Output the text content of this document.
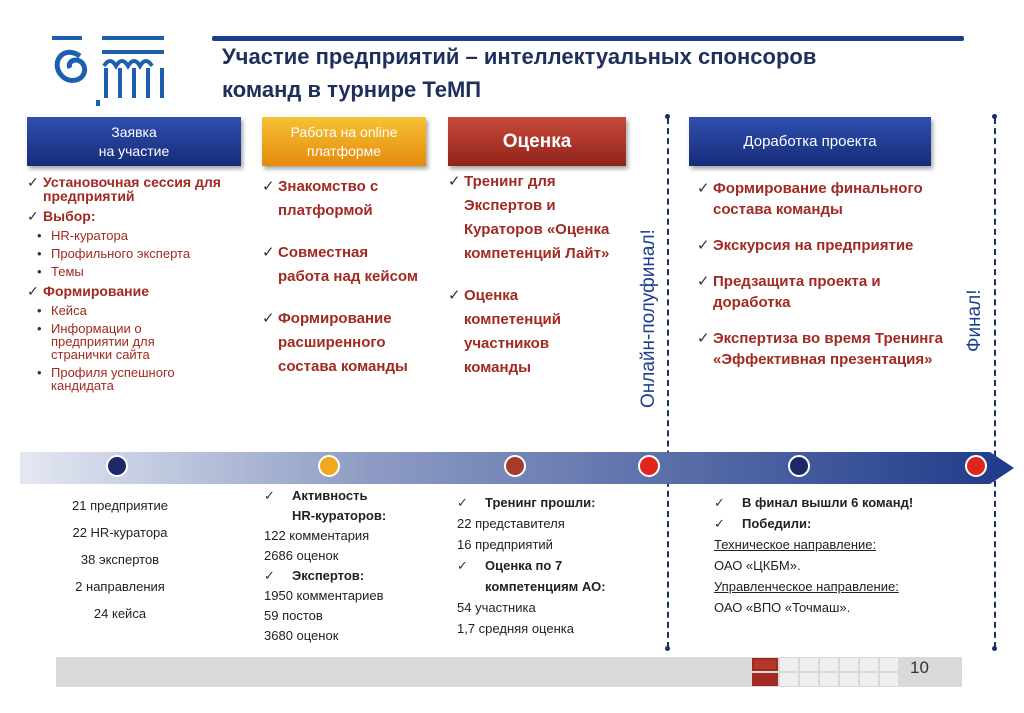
Участие предприятий – интеллектуальных спонсоров
команд в турнире ТеМП
Заявка
на участие
Работа на online
платформе	Оценка	Доработка проекта
✓ Установочная сессия для предприятий
✓ Выбор:
• HR-куратора
• Профильного эксперта
• Темы
✓ Формирование
• Кейса
• Информации о предприятии для странички сайта
• Профиля успешного кандидата
✓ Знакомство с платформой
✓ Совместная работа над кейсом
✓ Формирование расширенного состава команды
✓ Тренинг для Экспертов и Кураторов «Оценка компетенций Лайт»
✓ Оценка компетенций участников команды
✓ Формирование финального состава команды
✓ Экскурсия на предприятие
✓ Предзащита проекта и доработка
✓ Экспертиза во время Тренинга «Эффективная презентация»
Онлайн-полуфинал!	Финал!
21 предприятие
22 HR-куратора
38 экспертов
2 направления
24 кейса
✓ Активность
HR-кураторов:
122 комментария
2686 оценок
✓ Экспертов:
1950 комментариев
59 постов
3680 оценок
✓ Тренинг прошли:
22 представителя
16 предприятий
✓ Оценка по 7 компетенциям АО:
54 участника
1,7 средняя оценка
✓ В финал вышли 6 команд!
✓ Победили:
Техническое направление:
ОАО «ЦКБМ».
Управленческое направление:
ОАО «ВПО «Точмаш».
10
